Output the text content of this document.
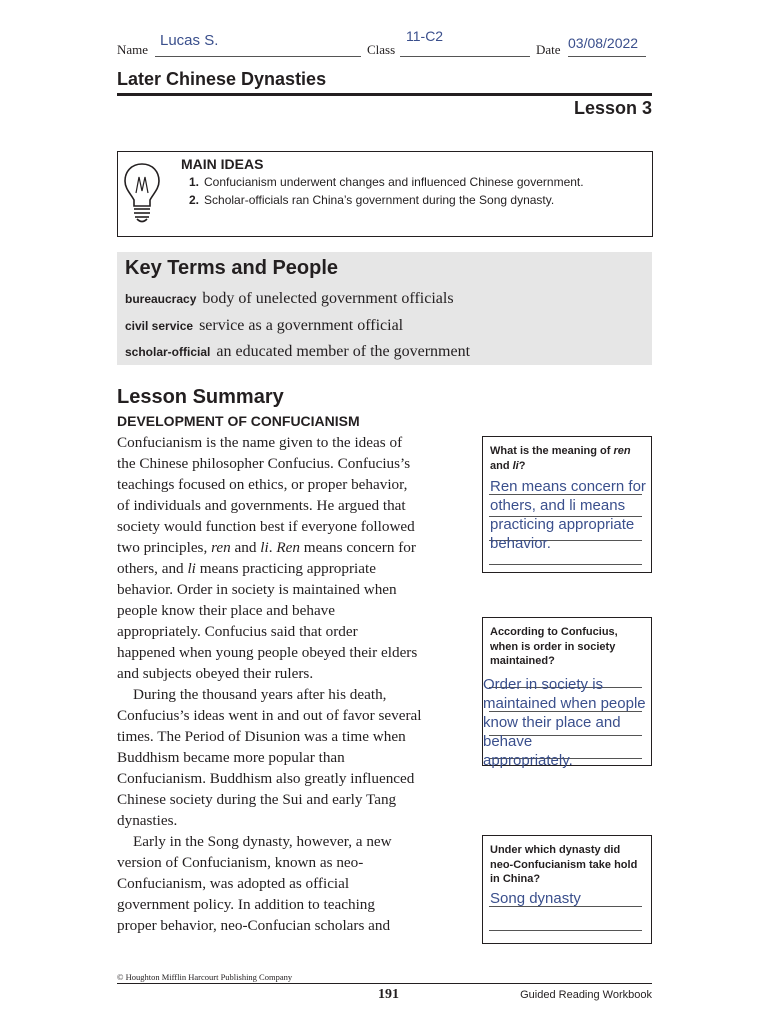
Name
Lucas S.
Class
11-C2
Date 03/08/2022
Later Chinese Dynasties
Lesson 3
MAIN IDEAS
1. Confucianism underwent changes and influenced Chinese government.
2. Scholar-officials ran China’s government during the Song dynasty.
Key Terms and People
bureaucracy body of unelected government officials
civil service service as a government official
scholar-official an educated member of the government
Lesson Summary
DEVELOPMENT OF CONFUCIANISM
Confucianism is the name given to the ideas of
the Chinese philosopher Confucius. Confucius’s
teachings focused on ethics, or proper behavior,
of individuals and governments. He argued that
society would function best if everyone followed
two principles, ren and li. Ren means concern for
others, and li means practicing appropriate
behavior. Order in society is maintained when
people know their place and behave
appropriately. Confucius said that order
happened when young people obeyed their elders
and subjects obeyed their rulers.
During the thousand years after his death,
Confucius’s ideas went in and out of favor several
times. The Period of Disunion was a time when
Buddhism became more popular than
Confucianism. Buddhism also greatly influenced
Chinese society during the Sui and early Tang
dynasties.
Early in the Song dynasty, however, a new
version of Confucianism, known as neo-
Confucianism, was adopted as official
government policy. In addition to teaching
proper behavior, neo-Confucian scholars and
What is the meaning of ren and li?
Ren means concern for
others, and li means
practicing appropriate
behavior.
According to Confucius, when is order in society maintained?
Order in society is
maintained when people
know their place and
behave
appropriately.
Under which dynasty did neo-Confucianism take hold in China?
Song dynasty
© Houghton Mifflin Harcourt Publishing Company
191	Guided Reading Workbook
